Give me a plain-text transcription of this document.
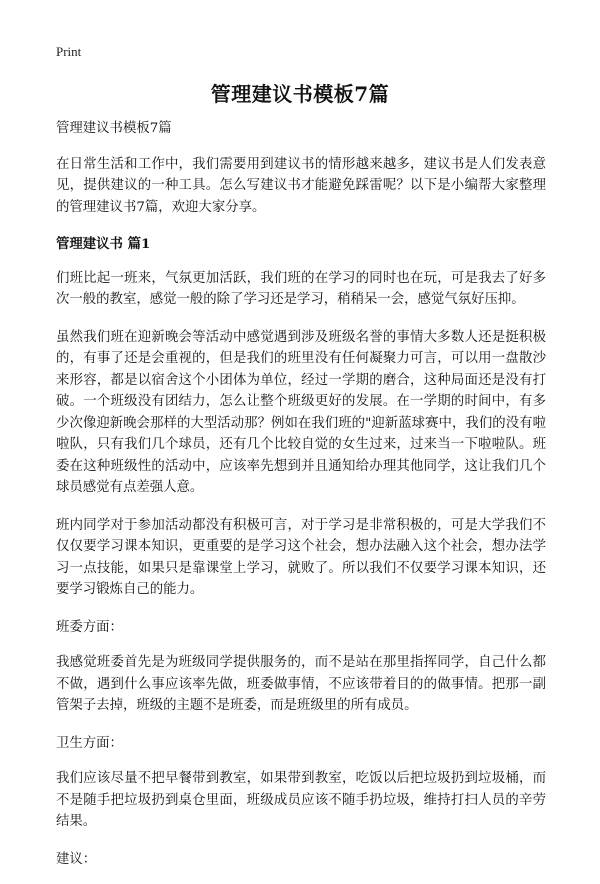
Print
管理建议书模板7篇

管理建议书模板7篇

在日常生活和工作中，我们需要用到建议书的情形越来越多，建议书是人们发表意见，提供建议的一种工具。怎么写建议书才能避免踩雷呢？以下是小编帮大家整理的管理建议书7篇，欢迎大家分享。

管理建议书 篇1

们班比起一班来，气氛更加活跃，我们班的在学习的同时也在玩，可是我去了好多次一般的教室，感觉一般的除了学习还是学习，稍稍呆一会，感觉气氛好压抑。

虽然我们班在迎新晚会等活动中感觉遇到涉及班级名誉的事情大多数人还是挺积极的，有事了还是会重视的，但是我们的班里没有任何凝聚力可言，可以用一盘散沙来形容，都是以宿舍这个小团体为单位，经过一学期的磨合，这种局面还是没有打破。一个班级没有团结力，怎么让整个班级更好的发展。在一学期的时间中，有多少次像迎新晚会那样的大型活动那？例如在我们班的"迎新蓝球赛中，我们的没有啦啦队，只有我们几个球员，还有几个比较自觉的女生过来，过来当一下啦啦队。班委在这种班级性的活动中，应该率先想到并且通知给办理其他同学，这让我们几个球员感觉有点差强人意。

班内同学对于参加活动都没有积极可言，对于学习是非常积极的，可是大学我们不仅仅要学习课本知识，更重要的是学习这个社会，想办法融入这个社会，想办法学习一点技能，如果只是靠课堂上学习，就败了。所以我们不仅要学习课本知识，还要学习锻炼自己的能力。

班委方面：

我感觉班委首先是为班级同学提供服务的，而不是站在那里指挥同学，自己什么都不做，遇到什么事应该率先做，班委做事情，不应该带着目的的做事情。把那一副管架子去掉，班级的主题不是班委，而是班级里的所有成员。

卫生方面：

我们应该尽量不把早餐带到教室，如果带到教室，吃饭以后把垃圾扔到垃圾桶，而不是随手把垃圾扔到桌仓里面，班级成员应该不随手扔垃圾，维持打扫人员的辛劳结果。

建议：
